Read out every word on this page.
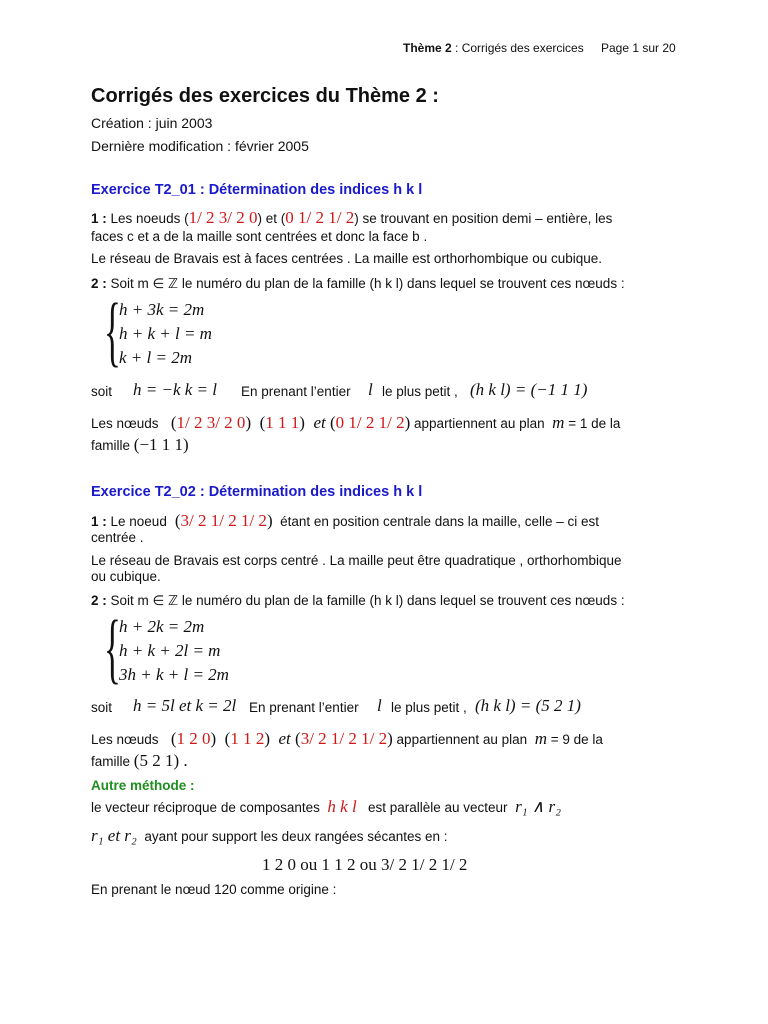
Thème 2 : Corrigés des exercices Page 1 sur 20
Corrigés des exercices du Thème 2 :
Création : juin 2003
Dernière modification : février 2005
Exercice T2_01 : Détermination des indices h k l
1 : Les noeuds (1/ 2 3/ 2 0) et (0 1/ 2 1/ 2) se trouvant en position demi – entière, les
faces c et a de la maille sont centrées et donc la face b .
Le réseau de Bravais est à faces centrées . La maille est orthorhombique ou cubique.
2 : Soit m ∈ ℤ le numéro du plan de la famille (h k l) dans lequel se trouvent ces nœuds :
{
h + 3k = 2m
h + k + l = m
k + l = 2m
soit h = −k k = l En prenant l’entier l le plus petit , (h k l) = (−1 1 1)
Les nœuds   (1/ 2 3/ 2 0)  (1 1 1)  et (0 1/ 2 1/ 2) appartiennent au plan m = 1 de la
famille (−1 1 1)
Exercice T2_02 : Détermination des indices h k l
1 : Le noeud  (3/ 2 1/ 2 1/ 2) étant en position centrale dans la maille, celle – ci est
centrée .
Le réseau de Bravais est corps centré . La maille peut être quadratique , orthorhombique
ou cubique.
2 : Soit m ∈ ℤ le numéro du plan de la famille (h k l) dans lequel se trouvent ces nœuds :
{
h + 2k = 2m
h + k + 2l = m
3h + k + l = 2m
soit h = 5l et k = 2l En prenant l’entier l le plus petit , (h k l) = (5 2 1)
Les nœuds   (1 2 0)  (1 1 2)  et (3/ 2 1/ 2 1/ 2) appartiennent au plan m = 9 de la
famille (5 2 1) .
Autre méthode :
le vecteur réciproque de composantes h k l est parallèle au vecteur r₁ ∧ r₂
r₁ et r₂ ayant pour support les deux rangées sécantes en :
1 2 0 ou 1 1 2 ou 3/ 2 1/ 2 1/ 2
En prenant le nœud 120 comme origine :
